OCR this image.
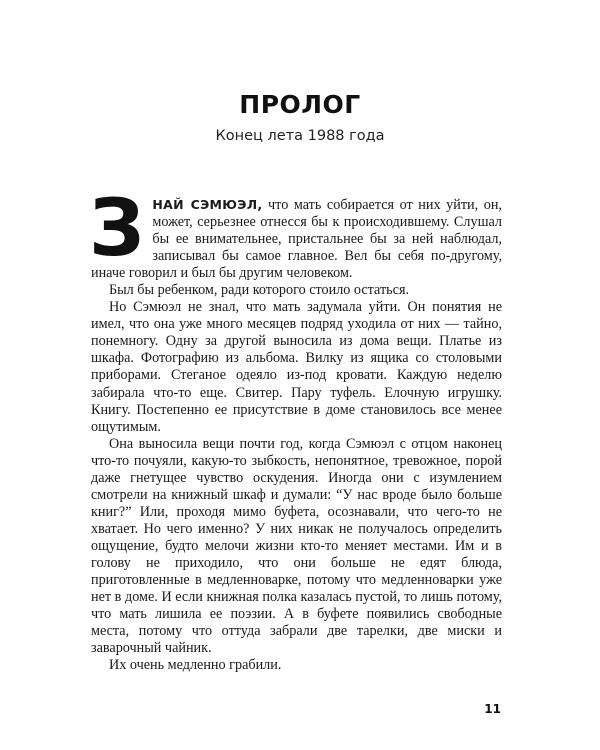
ПРОЛОГ
Конец лета 1988 года

ЗНАЙ СЭМЮЭЛ, что мать собирается от них уйти, он, может, серьезнее отнесся бы к происходившему. Слушал бы ее внимательнее, пристальнее бы за ней наблюдал, записывал бы самое главное. Вел бы себя по-другому, иначе говорил и был бы другим человеком.

Был бы ребенком, ради которого стоило остаться.

Но Сэмюэл не знал, что мать задумала уйти. Он понятия не имел, что она уже много месяцев подряд уходила от них — тайно, понемногу. Одну за другой выносила из дома вещи. Платье из шкафа. Фотографию из альбома. Вилку из ящика со столовыми приборами. Стеганое одеяло из-под кровати. Каждую неделю забирала что-то еще. Свитер. Пару туфель. Елочную игрушку. Книгу. Постепенно ее присутствие в доме становилось все менее ощутимым.

Она выносила вещи почти год, когда Сэмюэл с отцом наконец что-то почуяли, какую-то зыбкость, непонятное, тревожное, порой даже гнетущее чувство оскудения. Иногда они с изумлением смотрели на книжный шкаф и думали: “У нас вроде было больше книг?” Или, проходя мимо буфета, осознавали, что чего-то не хватает. Но чего именно? У них никак не получалось определить ощущение, будто мелочи жизни кто-то меняет местами. Им и в голову не приходило, что они больше не едят блюда, приготовленные в медленноварке, потому что медленноварки уже нет в доме. И если книжная полка казалась пустой, то лишь потому, что мать лишила ее поэзии. А в буфете появились свободные места, потому что оттуда забрали две тарелки, две миски и заварочный чайник.

Их очень медленно грабили.

11
